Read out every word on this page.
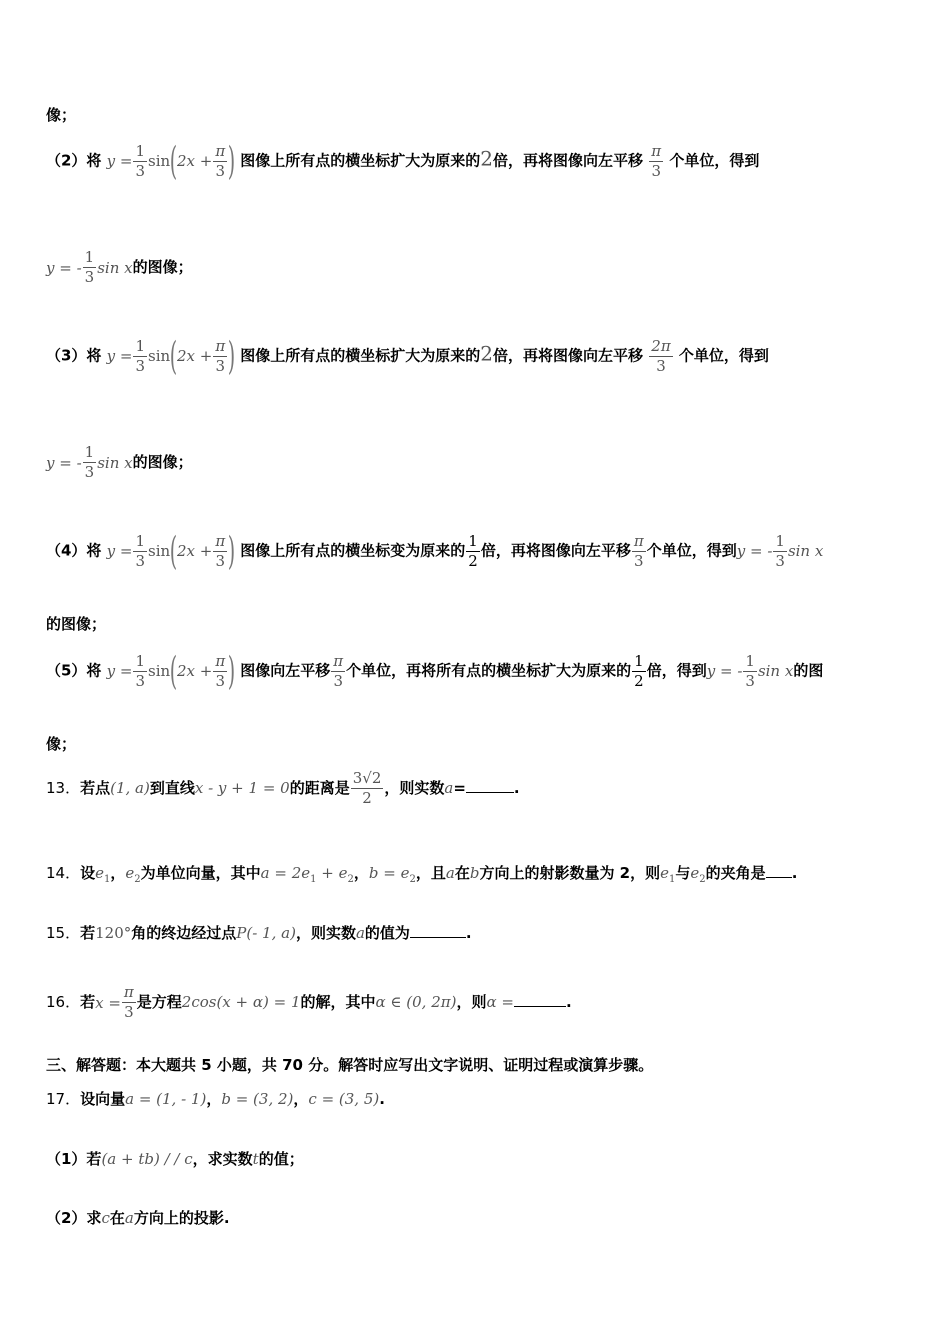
像；
（2）将 $y = \frac{1}{3}$ sin ( $2x + \frac{\pi}{3}$ ) 图像上所有点的横坐标扩大为原来的2倍，再将图像向左平移 $\frac{\pi}{3}$ 个单位，得到
y = - $\frac{1}{3}$ sin x 的图像；
（3）将 $y = \frac{1}{3}$ sin ( $2x + \frac{\pi}{3}$ ) 图像上所有点的横坐标扩大为原来的2倍，再将图像向左平移 $\frac{2\pi}{3}$ 个单位，得到
y = - $\frac{1}{3}$ sin x 的图像；
（4）将 $y = \frac{1}{3}$ sin ( $2x + \frac{\pi}{3}$ ) 图像上所有点的横坐标变为原来的 $\frac{1}{2}$ 倍，再将图像向左平移 $\frac{\pi}{3}$ 个单位，得到 y = - $\frac{1}{3}$ sin x
的图像；
（5）将 $y = \frac{1}{3}$ sin ( $2x + \frac{\pi}{3}$ ) 图像向左平移 $\frac{\pi}{3}$ 个单位，再将所有点的横坐标扩大为原来的 $\frac{1}{2}$ 倍，得到 y = - $\frac{1}{3}$ sin x 的图
像；
13．若点(1, a)到直线x - y + 1 = 0的距离是 $\frac{3√2}{2}$ ，则实数a=	.
14．设$e_1$，$e_2$为单位向量，其中$a = 2e_1 + e_2$，$b = e_2$，且a在b方向上的射影数量为 2，则$e_1$与$e_2$的夹角是 .
15．若120°角的终边经过点P(- 1, a)，则实数a的值为	.
16．若 $x = \frac{\pi}{3}$ 是方程2cos(x + α) = 1的解，其中α ∈ (0, 2π)，则α =	.
三、解答题：本大题共 5 小题，共 70 分。解答时应写出文字说明、证明过程或演算步骤。
17．设向量a = (1, - 1)，b = (3, 2)，c = (3, 5).
（1）若(a + tb) / / c，求实数t的值；
（2）求c在a方向上的投影.
